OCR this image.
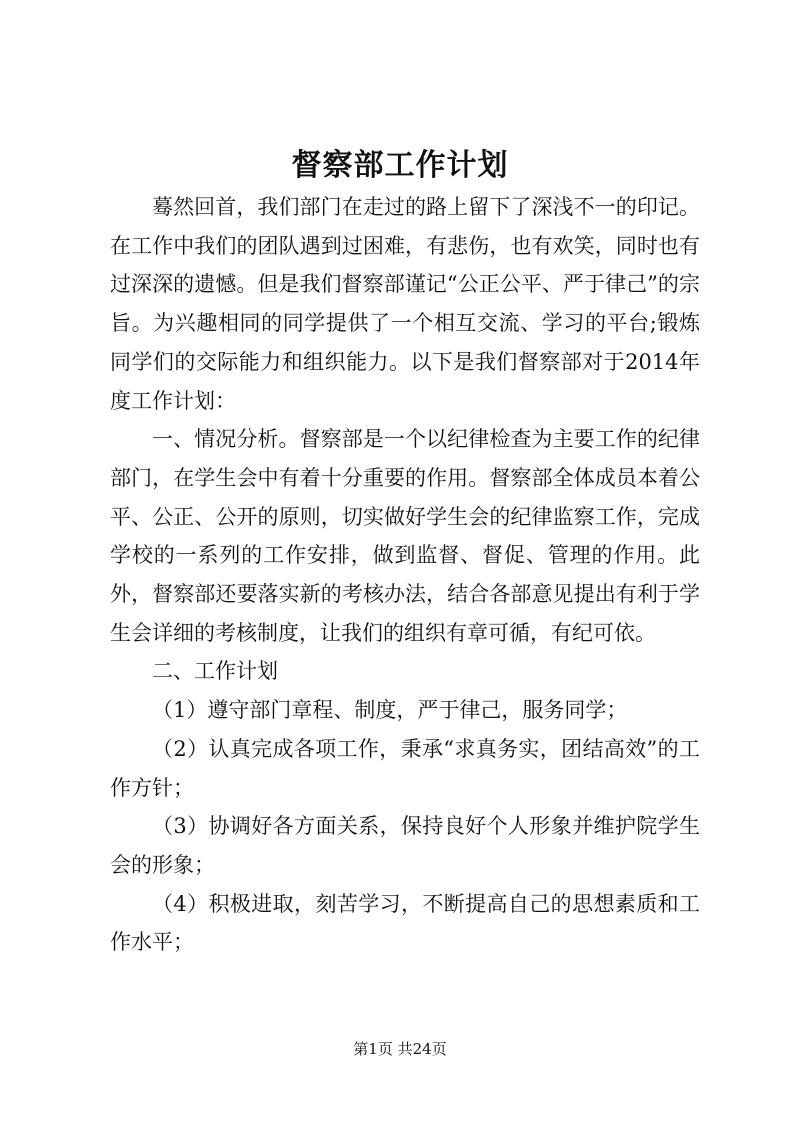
督察部工作计划

蓦然回首，我们部门在走过的路上留下了深浅不一的印记。在工作中我们的团队遇到过困难，有悲伤，也有欢笑，同时也有过深深的遗憾。但是我们督察部谨记“公正公平、严于律己”的宗旨。为兴趣相同的同学提供了一个相互交流、学习的平台;锻炼同学们的交际能力和组织能力。以下是我们督察部对于2014年度工作计划：

一、情况分析。督察部是一个以纪律检查为主要工作的纪律部门，在学生会中有着十分重要的作用。督察部全体成员本着公平、公正、公开的原则，切实做好学生会的纪律监察工作，完成学校的一系列的工作安排，做到监督、督促、管理的作用。此外，督察部还要落实新的考核办法，结合各部意见提出有利于学生会详细的考核制度，让我们的组织有章可循，有纪可依。

二、工作计划

（1）遵守部门章程、制度，严于律己，服务同学；

（2）认真完成各项工作，秉承“求真务实，团结高效”的工作方针；

（3）协调好各方面关系，保持良好个人形象并维护院学生会的形象；

（4）积极进取，刻苦学习，不断提高自己的思想素质和工作水平；

第1页 共24页
